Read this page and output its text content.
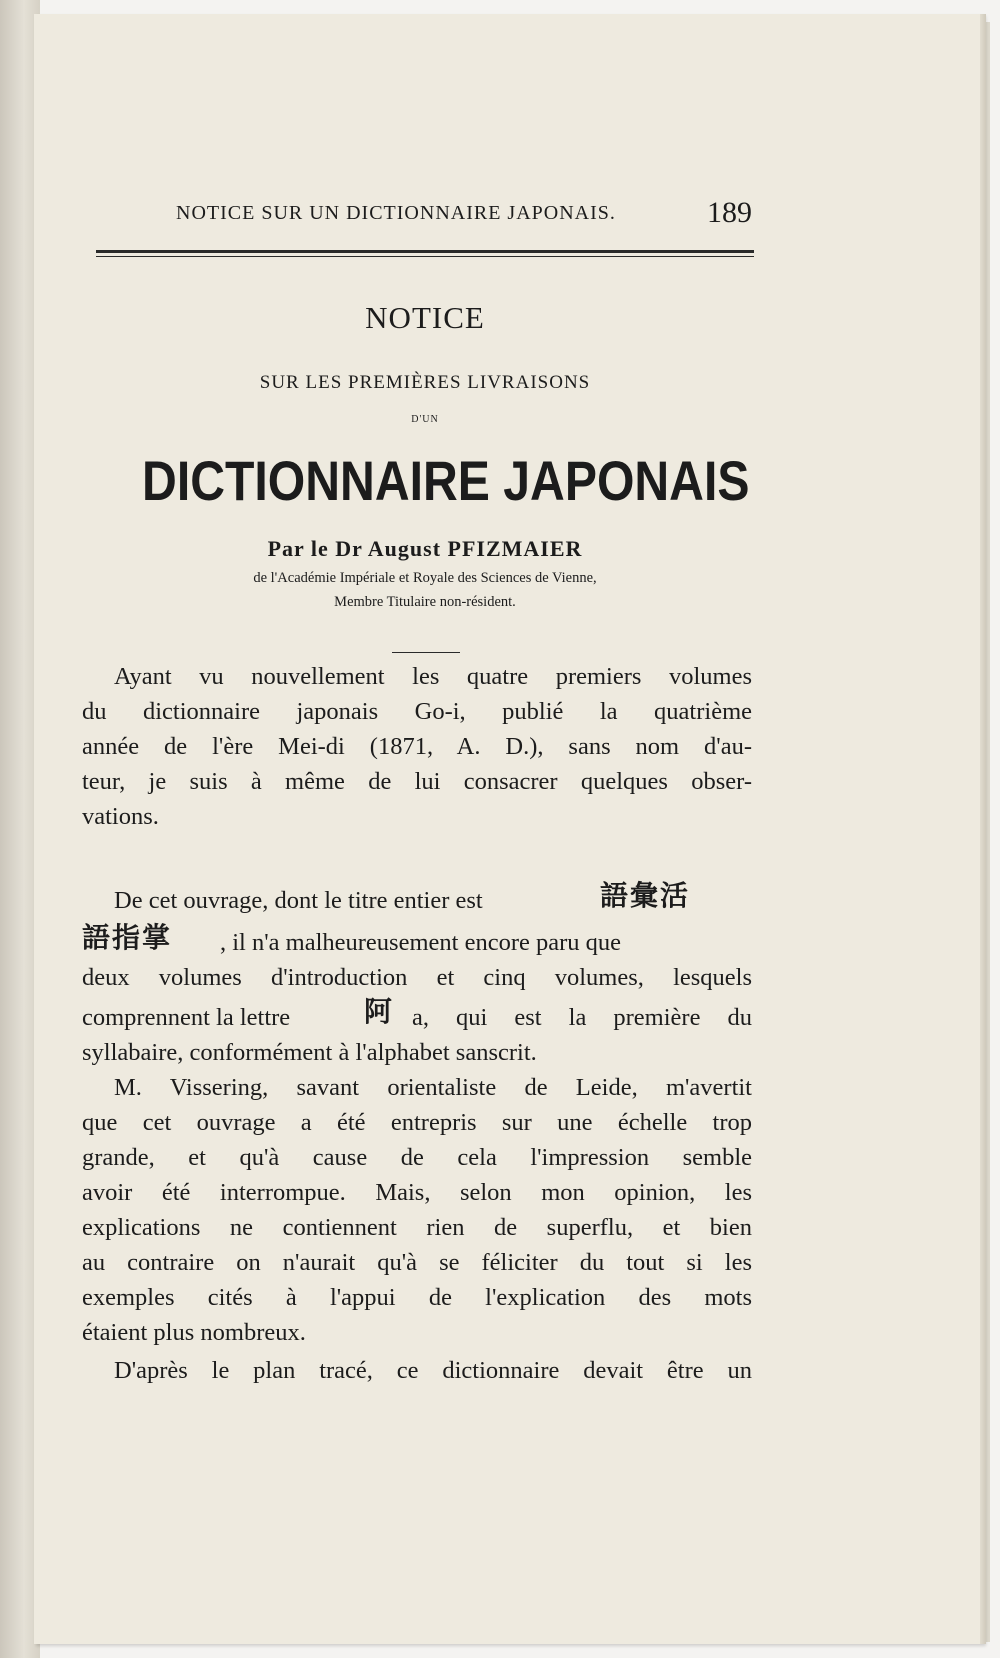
NOTICE SUR UN DICTIONNAIRE JAPONAIS.	189
NOTICE
SUR LES PREMIÈRES LIVRAISONS
D'UN
DICTIONNAIRE JAPONAIS
Par le Dr August PFIZMAIER
de l'Académie Impériale et Royale des Sciences de Vienne,
Membre Titulaire non-résident.
Ayant vu nouvellement les quatre premiers volumes
du dictionnaire japonais Go-i, publié la quatrième
année de l'ère Mei-di (1871, A. D.), sans nom d'au-
teur, je suis à même de lui consacrer quelques obser-
vations.
De cet ouvrage, dont le titre entier est	語彙活
語指掌	, il n'a malheureusement encore paru que
deux volumes d'introduction et cinq volumes, lesquels
comprennent la lettre	阿 a, qui est la première du
syllabaire, conformément à l'alphabet sanscrit.
M. Vissering, savant orientaliste de Leide, m'avertit
que cet ouvrage a été entrepris sur une échelle trop
grande, et qu'à cause de cela l'impression semble
avoir été interrompue. Mais, selon mon opinion, les
explications ne contiennent rien de superflu, et bien
au contraire on n'aurait qu'à se féliciter du tout si les
exemples cités à l'appui de l'explication des mots
étaient plus nombreux.
D'après le plan tracé, ce dictionnaire devait être un
